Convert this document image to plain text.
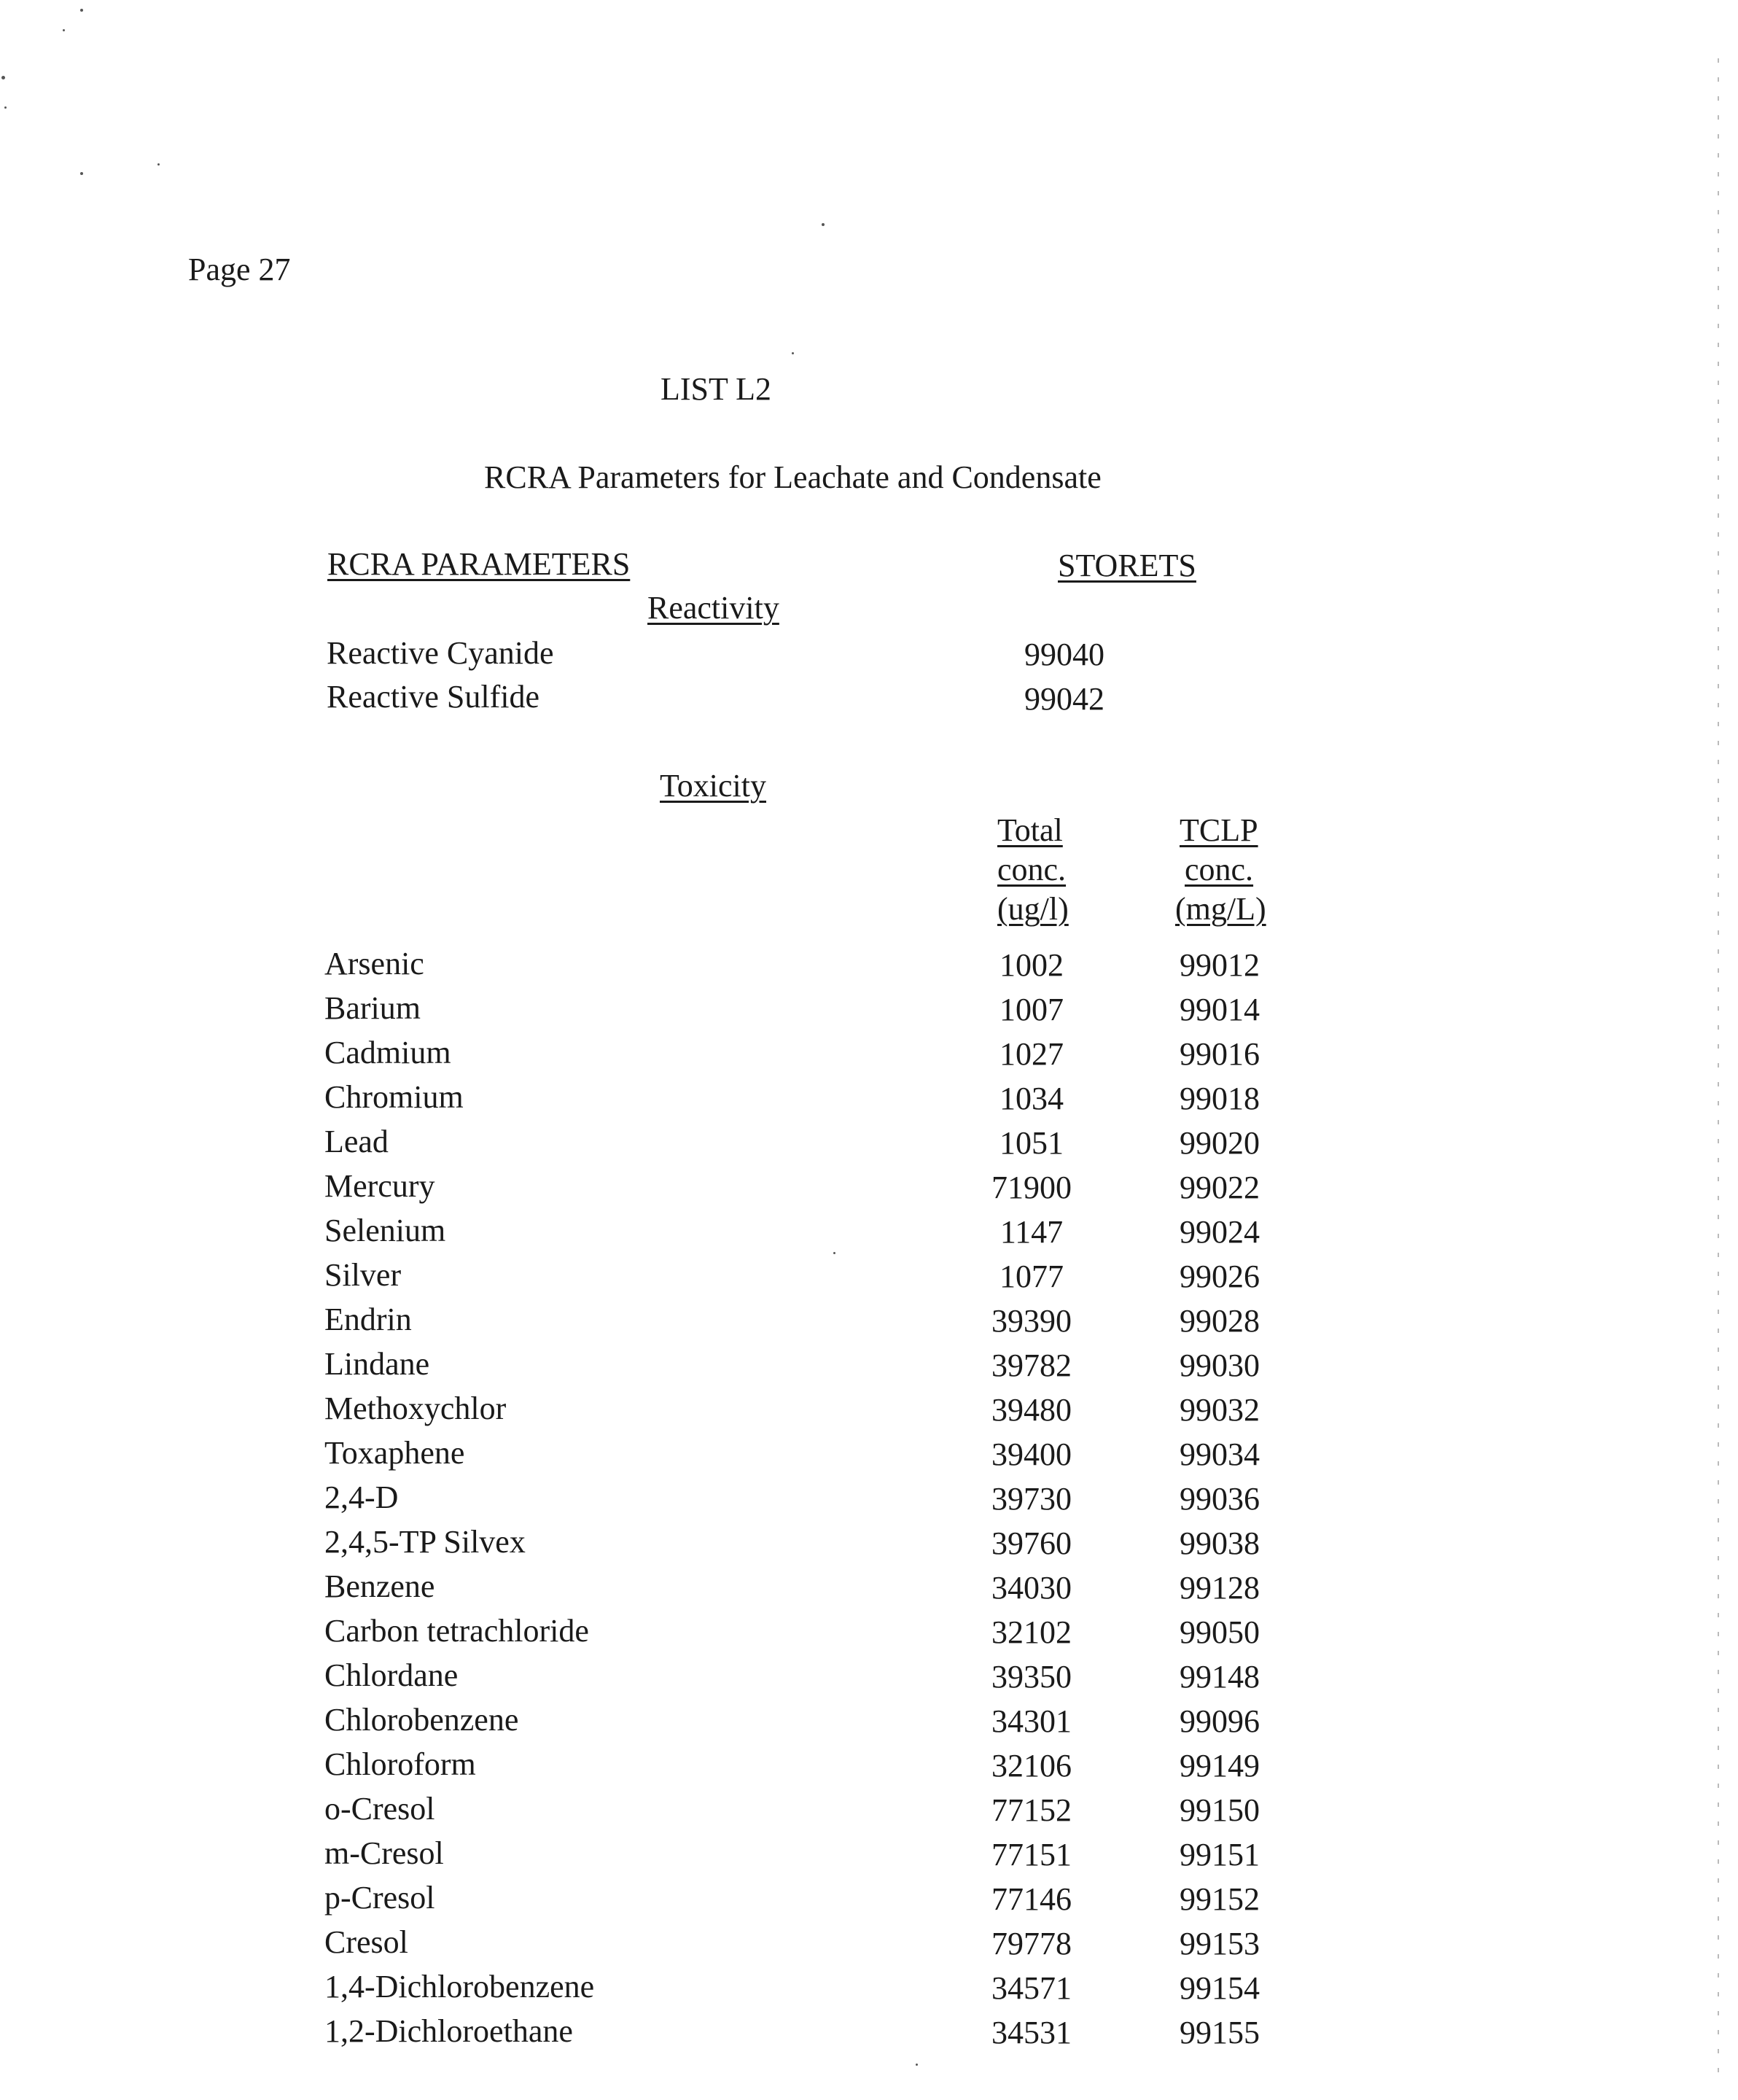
Page 27
LIST L2
RCRA Parameters for Leachate and Condensate
RCRA PARAMETERS	STORETS
Reactivity
Reactive Cyanide	99040
Reactive Sulfide	99042
Toxicity
Total
conc.
(ug/l)
TCLP
conc.
(mg/L)
Arsenic	1002	99012
Barium	1007	99014
Cadmium	1027	99016
Chromium	1034	99018
Lead	1051	99020
Mercury	71900	99022
Selenium	1147	99024
Silver	1077	99026
Endrin	39390	99028
Lindane	39782	99030
Methoxychlor	39480	99032
Toxaphene	39400	99034
2,4-D	39730	99036
2,4,5-TP Silvex	39760	99038
Benzene	34030	99128
Carbon tetrachloride	32102	99050
Chlordane	39350	99148
Chlorobenzene	34301	99096
Chloroform	32106	99149
o-Cresol	77152	99150
m-Cresol	77151	99151
p-Cresol	77146	99152
Cresol	79778	99153
1,4-Dichlorobenzene	34571	99154
1,2-Dichloroethane	34531	99155
